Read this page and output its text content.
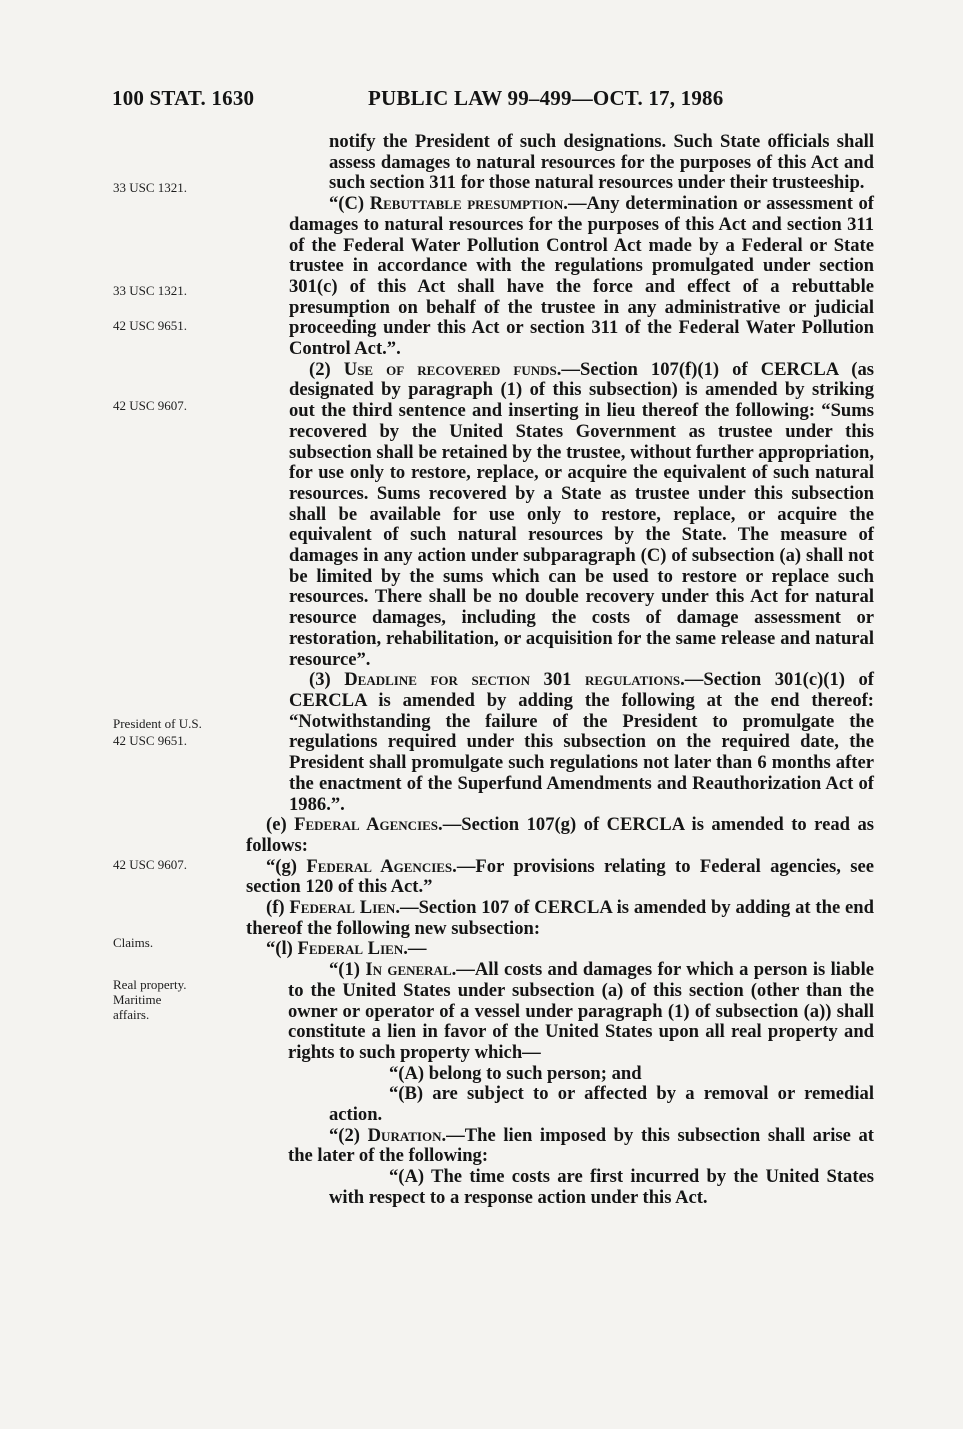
100 STAT. 1630	PUBLIC LAW 99–499—OCT. 17, 1986
33 USC 1321.
33 USC 1321.
42 USC 9651.
42 USC 9607.
President of U.S.
42 USC 9651.
42 USC 9607.
Claims.
Real property.
Maritime affairs.

notify the President of such designations. Such State officials shall assess damages to natural resources for the purposes of this Act and such section 311 for those natural resources under their trusteeship.

“(C) Rebuttable presumption.—Any determination or assessment of damages to natural resources for the purposes of this Act and section 311 of the Federal Water Pollution Control Act made by a Federal or State trustee in accordance with the regulations promulgated under section 301(c) of this Act shall have the force and effect of a rebuttable presumption on behalf of the trustee in any administrative or judicial proceeding under this Act or section 311 of the Federal Water Pollution Control Act.”.

(2) Use of recovered funds.—Section 107(f)(1) of CERCLA (as designated by paragraph (1) of this subsection) is amended by striking out the third sentence and inserting in lieu thereof the following: “Sums recovered by the United States Government as trustee under this subsection shall be retained by the trustee, without further appropriation, for use only to restore, replace, or acquire the equivalent of such natural resources. Sums recovered by a State as trustee under this subsection shall be available for use only to restore, replace, or acquire the equivalent of such natural resources by the State. The measure of damages in any action under subparagraph (C) of subsection (a) shall not be limited by the sums which can be used to restore or replace such resources. There shall be no double recovery under this Act for natural resource damages, including the costs of damage assessment or restoration, rehabilitation, or acquisition for the same release and natural resource”.

(3) Deadline for section 301 regulations.—Section 301(c)(1) of CERCLA is amended by adding the following at the end thereof: “Notwithstanding the failure of the President to promulgate the regulations required under this subsection on the required date, the President shall promulgate such regulations not later than 6 months after the enactment of the Superfund Amendments and Reauthorization Act of 1986.”.

(e) Federal Agencies.—Section 107(g) of CERCLA is amended to read as follows:

“(g) Federal Agencies.—For provisions relating to Federal agencies, see section 120 of this Act.”

(f) Federal Lien.—Section 107 of CERCLA is amended by adding at the end thereof the following new subsection:

“(l) Federal Lien.—

“(1) In general.—All costs and damages for which a person is liable to the United States under subsection (a) of this section (other than the owner or operator of a vessel under paragraph (1) of subsection (a)) shall constitute a lien in favor of the United States upon all real property and rights to such property which—

“(A) belong to such person; and

“(B) are subject to or affected by a removal or remedial action.

“(2) Duration.—The lien imposed by this subsection shall arise at the later of the following:

“(A) The time costs are first incurred by the United States with respect to a response action under this Act.
